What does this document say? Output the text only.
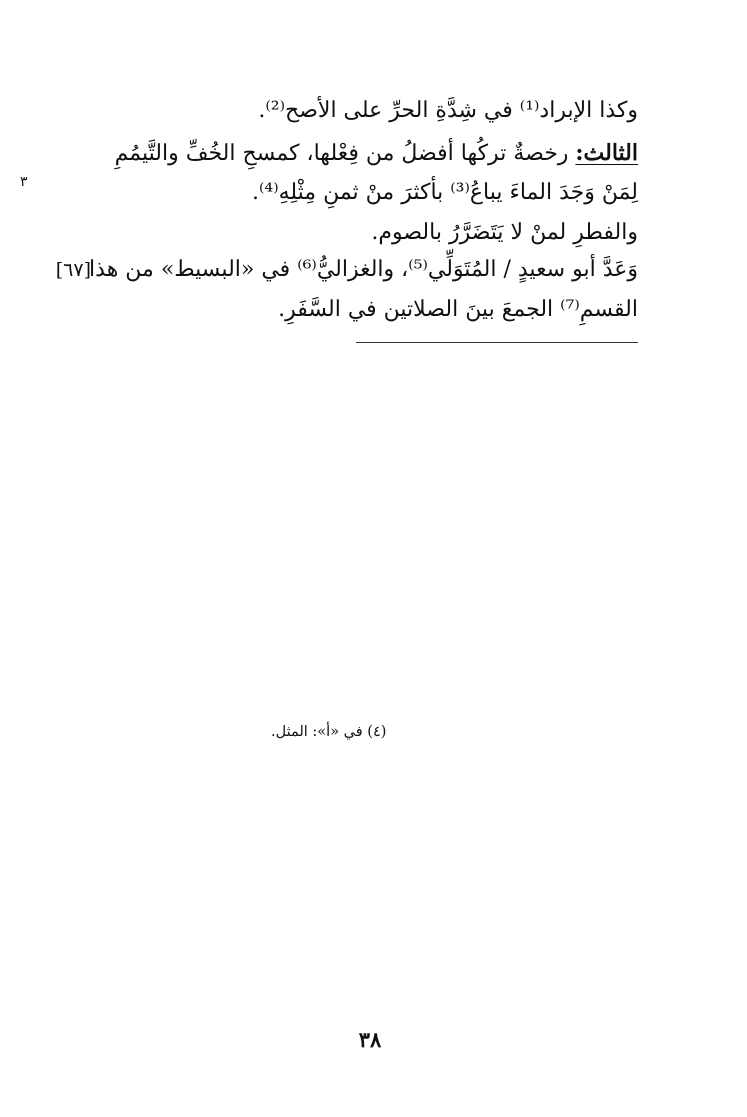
وكذا الإبراد⁽¹⁾ في شِدَّةِ الحرِّ على الأصح⁽²⁾.
الثالث: رخصةٌ تركُها أفضلُ من فِعْلها، كمسحِ الخُفِّ والتَّيمُمِ
لِمَنْ وَجَدَ الماءَ يباعُ⁽³⁾ بأكثرَ منْ ثمنِ مِثْلِهِ⁽⁴⁾.
والفطرِ لمنْ لا يَتَضَرَّرُ بالصوم.
وَعَدَّ أبو سعيدٍ / المُتَوَلِّي⁽⁵⁾، والغزاليُّ⁽⁶⁾ في «البسيط» من هذا
القسمِ⁽⁷⁾ الجمعَ بينَ الصلاتين في السَّفَرِ.
٣
[٦٧]
(٤) في «أ»: المثل.
٣٨
